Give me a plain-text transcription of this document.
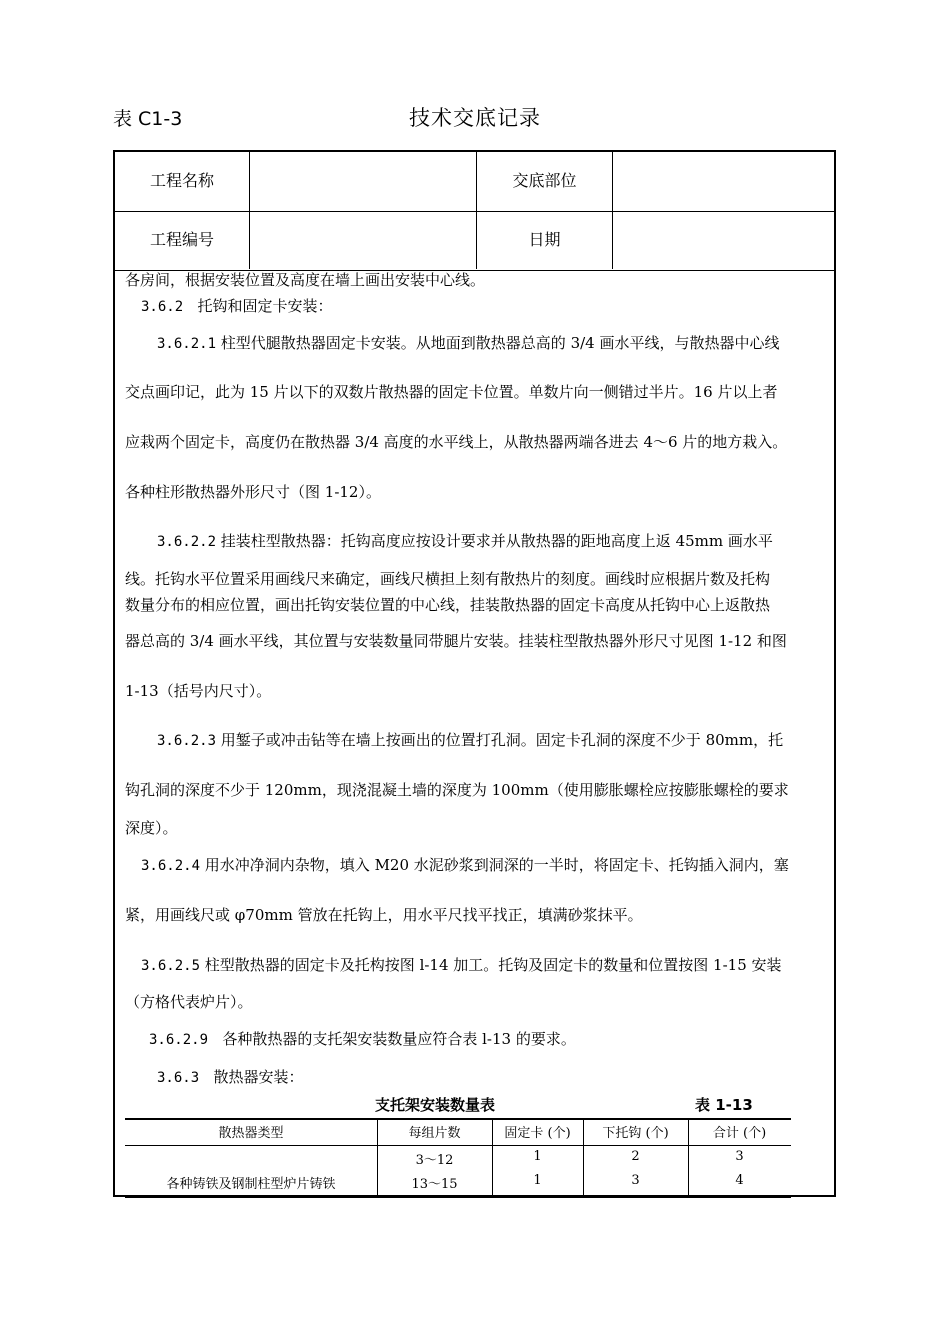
表 C1-3	技术交底记录
工程名称	交底部位
工程编号	日期
各房间，根据安装位置及高度在墙上画出安装中心线。
3.6.2 托钩和固定卡安装：
3.6.2.1 柱型代腿散热器固定卡安装。从地面到散热器总高的 3/4 画水平线，与散热器中心线
交点画印记，此为 15 片以下的双数片散热器的固定卡位置。单数片向一侧错过半片。16 片以上者
应栽两个固定卡，高度仍在散热器 3/4 高度的水平线上，从散热器两端各进去 4～6 片的地方栽入。
各种柱形散热器外形尺寸（图 1-12）。
3.6.2.2 挂装柱型散热器：托钩高度应按设计要求并从散热器的距地高度上返 45mm 画水平
线。托钩水平位置采用画线尺来确定，画线尺横担上刻有散热片的刻度。画线时应根据片数及托构
数量分布的相应位置，画出托钩安装位置的中心线，挂装散热器的固定卡高度从托钩中心上返散热
器总高的 3/4 画水平线，其位置与安装数量同带腿片安装。挂装柱型散热器外形尺寸见图 1-12 和图
1-13（括号内尺寸）。
3.6.2.3 用錾子或冲击钻等在墙上按画出的位置打孔洞。固定卡孔洞的深度不少于 80mm，托
钩孔洞的深度不少于 120mm，现浇混凝土墙的深度为 100mm（使用膨胀螺栓应按膨胀螺栓的要求
深度）。
3.6.2.4 用水冲净洞内杂物，填入 M20 水泥砂浆到洞深的一半时，将固定卡、托钩插入洞内，塞
紧，用画线尺或 φ70mm 管放在托钩上，用水平尺找平找正，填满砂浆抹平。
3.6.2.5 柱型散热器的固定卡及托构按图 l-14 加工。托钩及固定卡的数量和位置按图 1-15 安装
（方格代表炉片）。
3.6.2.9 各种散热器的支托架安装数量应符合表 l-13 的要求。
3.6.3 散热器安装：
支托架安装数量表	表 1-13
散热器类型	每组片数	固定卡 (个)	下托钩 (个)	合计 (个)
各种铸铁及钢制柱型炉片铸铁
3～12	1	2	3
13～15	1	3	4
